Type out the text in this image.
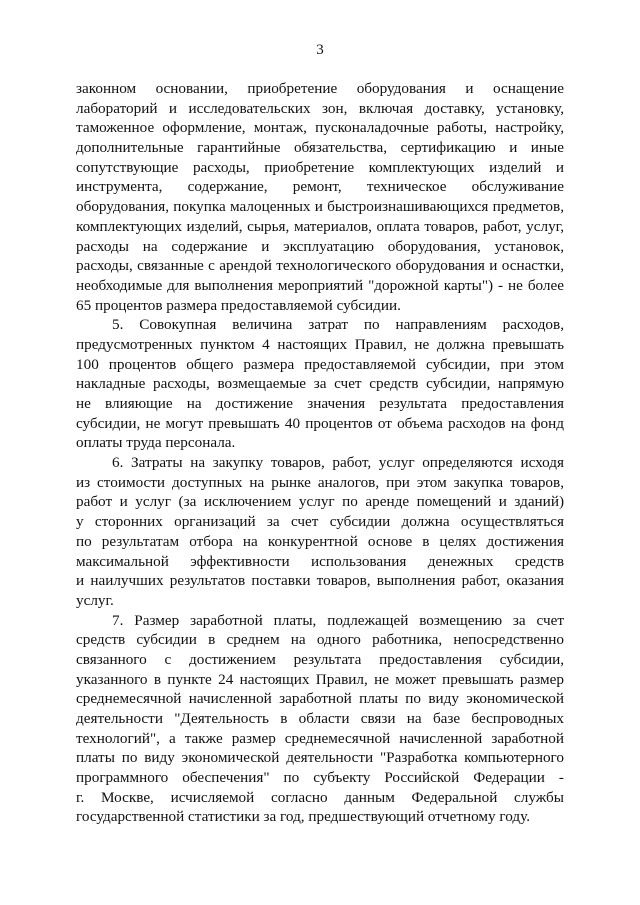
3
законном основании, приобретение оборудования и оснащение
лабораторий и исследовательских зон, включая доставку, установку,
таможенное оформление, монтаж, пусконаладочные работы, настройку,
дополнительные гарантийные обязательства, сертификацию и иные
сопутствующие расходы, приобретение комплектующих изделий и
инструмента, содержание, ремонт, техническое обслуживание
оборудования, покупка малоценных и быстроизнашивающихся предметов,
комплектующих изделий, сырья, материалов, оплата товаров, работ, услуг,
расходы на содержание и эксплуатацию оборудования, установок,
расходы, связанные с арендой технологического оборудования и оснастки,
необходимые для выполнения мероприятий "дорожной карты") - не более
65 процентов размера предоставляемой субсидии.
5. Совокупная величина затрат по направлениям расходов,
предусмотренных пунктом 4 настоящих Правил, не должна превышать
100 процентов общего размера предоставляемой субсидии, при этом
накладные расходы, возмещаемые за счет средств субсидии, напрямую
не влияющие на достижение значения результата предоставления
субсидии, не могут превышать 40 процентов от объема расходов на фонд
оплаты труда персонала.
6. Затраты на закупку товаров, работ, услуг определяются исходя
из стоимости доступных на рынке аналогов, при этом закупка товаров,
работ и услуг (за исключением услуг по аренде помещений и зданий)
у сторонних организаций за счет субсидии должна осуществляться
по результатам отбора на конкурентной основе в целях достижения
максимальной эффективности использования денежных средств
и наилучших результатов поставки товаров, выполнения работ, оказания
услуг.
7. Размер заработной платы, подлежащей возмещению за счет
средств субсидии в среднем на одного работника, непосредственно
связанного с достижением результата предоставления субсидии,
указанного в пункте 24 настоящих Правил, не может превышать размер
среднемесячной начисленной заработной платы по виду экономической
деятельности "Деятельность в области связи на базе беспроводных
технологий", а также размер среднемесячной начисленной заработной
платы по виду экономической деятельности "Разработка компьютерного
программного обеспечения" по субъекту Российской Федерации -
г. Москве, исчисляемой согласно данным Федеральной службы
государственной статистики за год, предшествующий отчетному году.
